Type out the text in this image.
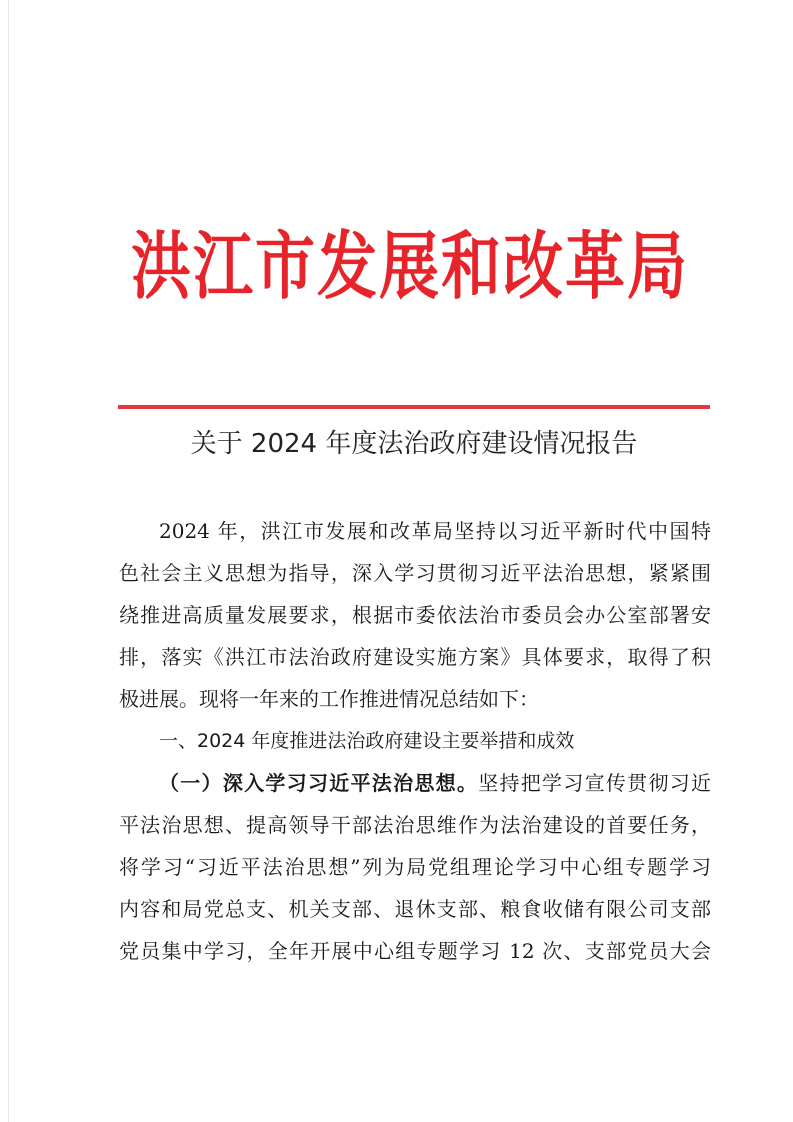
洪江市发展和改革局
关于 2024 年度法治政府建设情况报告
2024 年，洪江市发展和改革局坚持以习近平新时代中国特
色社会主义思想为指导，深入学习贯彻习近平法治思想，紧紧围
绕推进高质量发展要求，根据市委依法治市委员会办公室部署安
排，落实《洪江市法治政府建设实施方案》具体要求，取得了积
极进展。现将一年来的工作推进情况总结如下：
一、2024 年度推进法治政府建设主要举措和成效
（一）深入学习习近平法治思想。坚持把学习宣传贯彻习近
平法治思想、提高领导干部法治思维作为法治建设的首要任务，
将学习“习近平法治思想”列为局党组理论学习中心组专题学习
内容和局党总支、机关支部、退休支部、粮食收储有限公司支部
党员集中学习，全年开展中心组专题学习 12 次、支部党员大会
